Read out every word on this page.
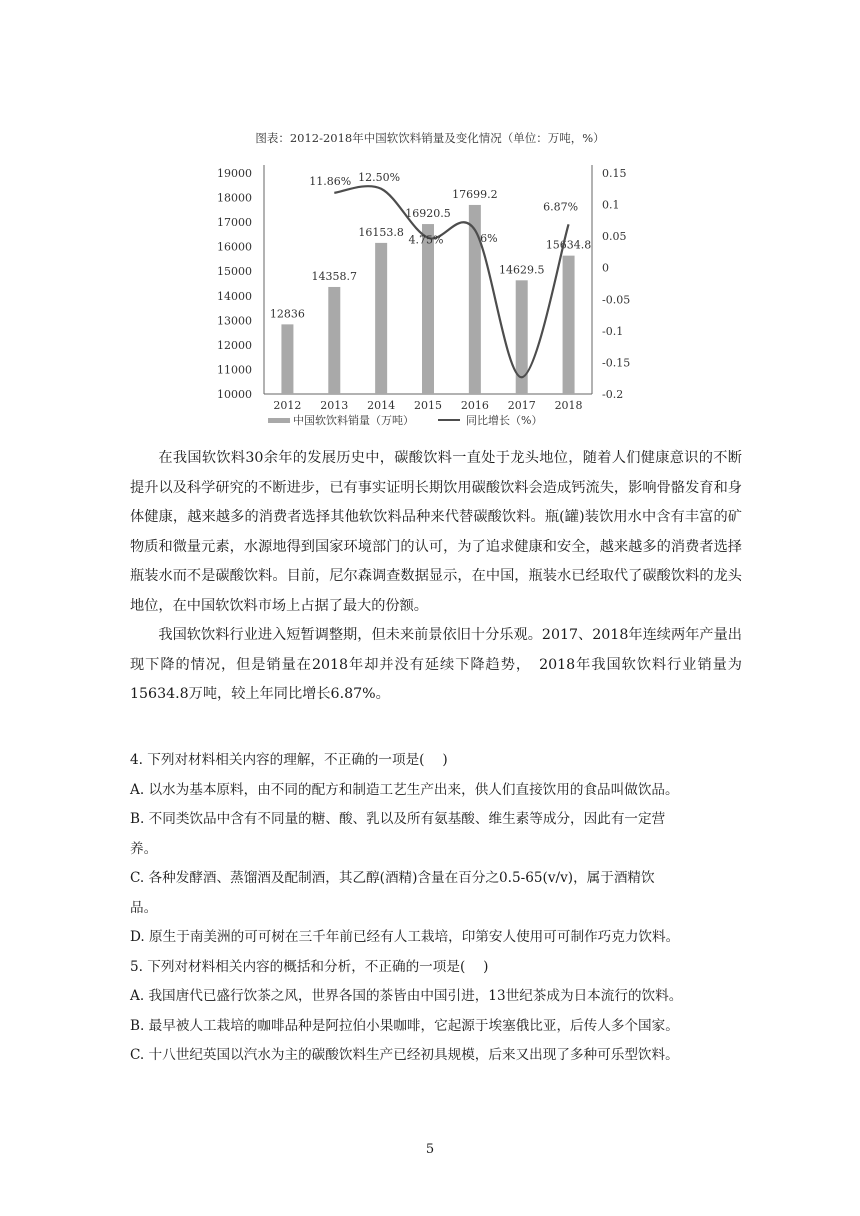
图表：2012-2018年中国软饮料销量及变化情况（单位：万吨，%）
10000
11000
12000
13000
14000
15000
16000
17000
18000
19000
-0.2
-0.15
-0.1
-0.05
0
0.05
0.1
0.15
12836
2012
14358.7
2013
16153.8
2014
16920.5
2015
17699.2
2016
14629.5
2017
15634.8
2018
11.86% 12.50%
4.75%	6%
6.87%
中国软饮料销量（万吨）	同比增长（%）

在我国软饮料30余年的发展历史中，碳酸饮料一直处于龙头地位，随着人们健康意识的不断提升以及科学研究的不断进步，已有事实证明长期饮用碳酸饮料会造成钙流失，影响骨骼发育和身体健康，越来越多的消费者选择其他软饮料品种来代替碳酸饮料。瓶(罐)装饮用水中含有丰富的矿物质和微量元素，水源地得到国家环境部门的认可，为了追求健康和安全，越来越多的消费者选择瓶装水而不是碳酸饮料。目前，尼尔森调查数据显示，在中国，瓶装水已经取代了碳酸饮料的龙头地位，在中国软饮料市场上占据了最大的份额。

我国软饮料行业进入短暂调整期，但未来前景依旧十分乐观。2017、2018年连续两年产量出现下降的情况，但是销量在2018年却并没有延续下降趋势，　2018年我国软饮料行业销量为15634.8万吨，较上年同比增长6.87%。

4. 下列对材料相关内容的理解，不正确的一项是(　 )

A. 以水为基本原料，由不同的配方和制造工艺生产出来，供人们直接饮用的食品叫做饮品。

B. 不同类饮品中含有不同量的糖、酸、乳以及所有氨基酸、维生素等成分，因此有一定营

养。

C. 各种发酵酒、蒸馏酒及配制酒，其乙醇(酒精)含量在百分之0.5-65(v/v)，属于酒精饮

品。

D. 原生于南美洲的可可树在三千年前已经有人工栽培，印第安人使用可可制作巧克力饮料。

5. 下列对材料相关内容的概括和分析，不正确的一项是(　 )

A. 我国唐代已盛行饮茶之风，世界各国的茶皆由中国引进，13世纪茶成为日本流行的饮料。

B. 最早被人工栽培的咖啡品种是阿拉伯小果咖啡，它起源于埃塞俄比亚，后传人多个国家。

C. 十八世纪英国以汽水为主的碳酸饮料生产已经初具规模，后来又出现了多种可乐型饮料。

5
